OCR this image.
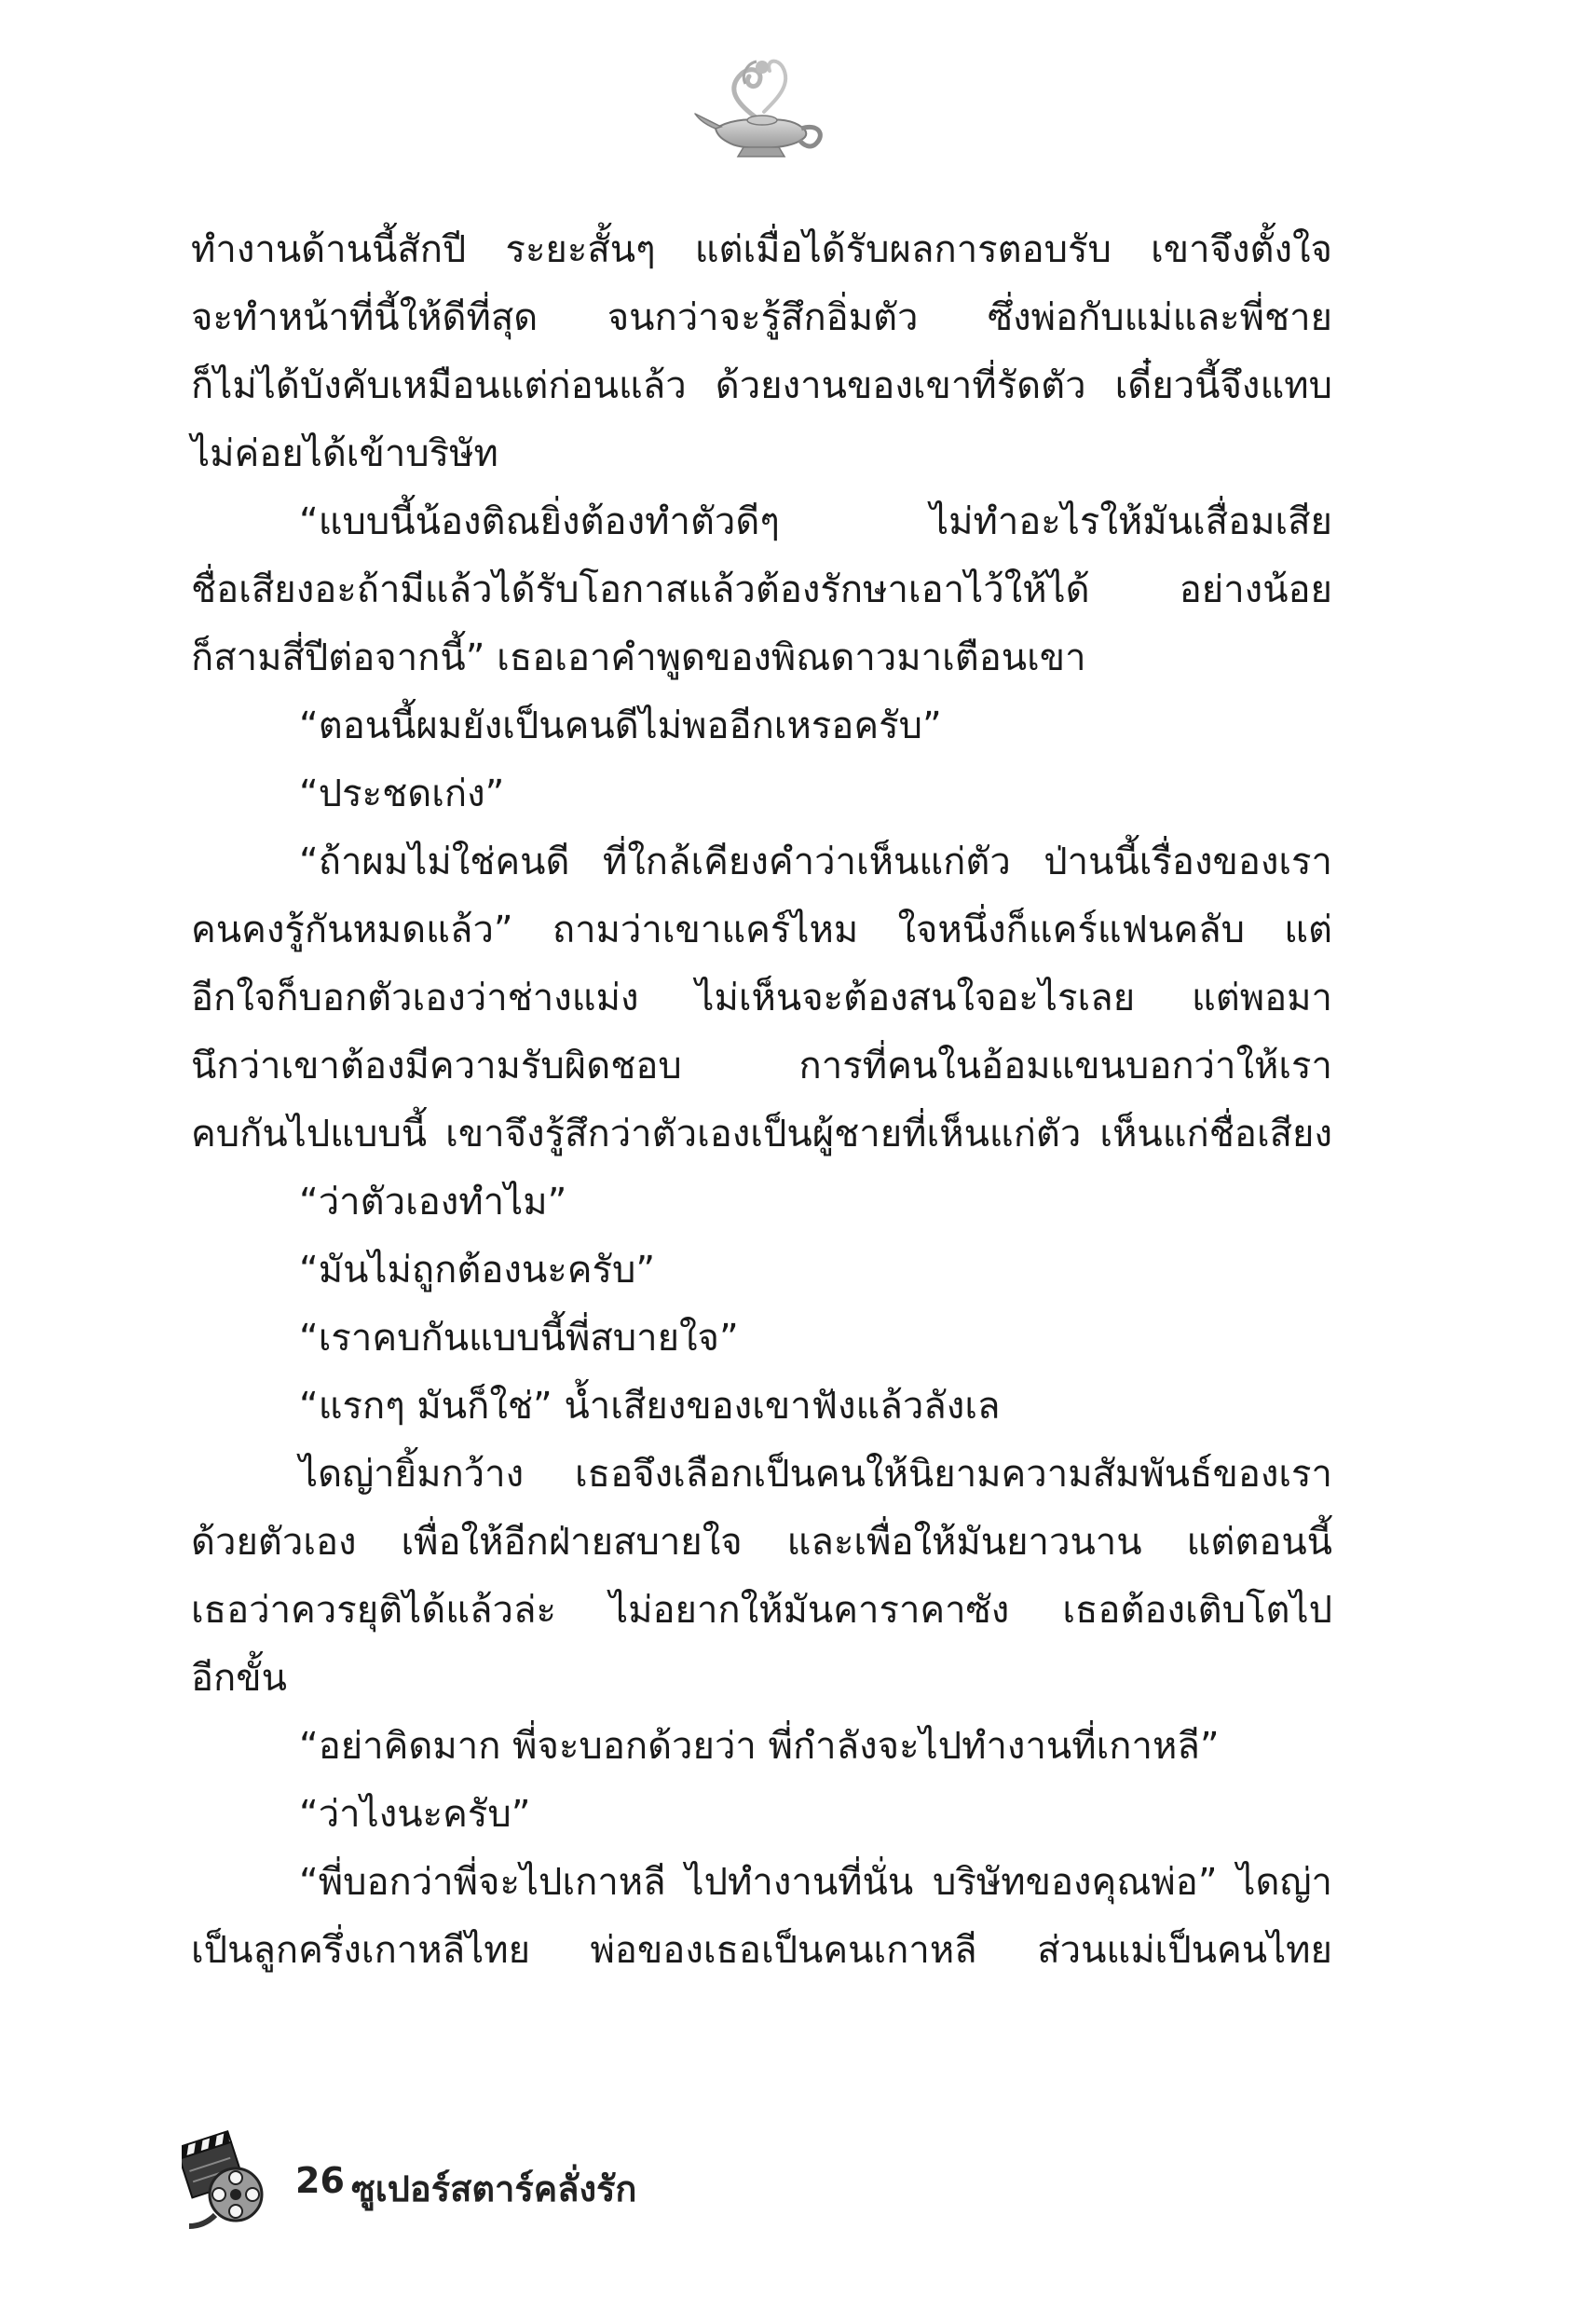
ทำงานด้านนี้สักปี ระยะสั้นๆ แต่เมื่อได้รับผลการตอบรับ เขาจึงตั้งใจ
จะทำหน้าที่นี้ให้ดีที่สุด จนกว่าจะรู้สึกอิ่มตัว ซึ่งพ่อกับแม่และพี่ชาย
ก็ไม่ได้บังคับเหมือนแต่ก่อนแล้ว ด้วยงานของเขาที่รัดตัว เดี๋ยวนี้จึงแทบ
ไม่ค่อยได้เข้าบริษัท
“แบบนี้น้องติณยิ่งต้องทำตัวดีๆ ไม่ทำอะไรให้มันเสื่อมเสีย
ชื่อเสียงอะถ้ามีแล้วได้รับโอกาสแล้วต้องรักษาเอาไว้ให้ได้ อย่างน้อย
ก็สามสี่ปีต่อจากนี้” เธอเอาคำพูดของพิณดาวมาเตือนเขา
“ตอนนี้ผมยังเป็นคนดีไม่พออีกเหรอครับ”
“ประชดเก่ง”
“ถ้าผมไม่ใช่คนดี ที่ใกล้เคียงคำว่าเห็นแก่ตัว ป่านนี้เรื่องของเรา
คนคงรู้กันหมดแล้ว” ถามว่าเขาแคร์ไหม ใจหนึ่งก็แคร์แฟนคลับ แต่
อีกใจก็บอกตัวเองว่าช่างแม่ง ไม่เห็นจะต้องสนใจอะไรเลย แต่พอมา
นึกว่าเขาต้องมีความรับผิดชอบ การที่คนในอ้อมแขนบอกว่าให้เรา
คบกันไปแบบนี้ เขาจึงรู้สึกว่าตัวเองเป็นผู้ชายที่เห็นแก่ตัว เห็นแก่ชื่อเสียง
“ว่าตัวเองทำไม”
“มันไม่ถูกต้องนะครับ”
“เราคบกันแบบนี้พี่สบายใจ”
“แรกๆ มันก็ใช่” น้ำเสียงของเขาฟังแล้วลังเล
ไดญ่ายิ้มกว้าง เธอจึงเลือกเป็นคนให้นิยามความสัมพันธ์ของเรา
ด้วยตัวเอง เพื่อให้อีกฝ่ายสบายใจ และเพื่อให้มันยาวนาน แต่ตอนนี้
เธอว่าควรยุติได้แล้วล่ะ ไม่อยากให้มันคาราคาซัง เธอต้องเติบโตไป
อีกขั้น
“อย่าคิดมาก พี่จะบอกด้วยว่า พี่กำลังจะไปทำงานที่เกาหลี”
“ว่าไงนะครับ”
“พี่บอกว่าพี่จะไปเกาหลี ไปทำงานที่นั่น บริษัทของคุณพ่อ” ไดญ่า
เป็นลูกครึ่งเกาหลีไทย พ่อของเธอเป็นคนเกาหลี ส่วนแม่เป็นคนไทย
26 ซูเปอร์สตาร์คลั่งรัก
